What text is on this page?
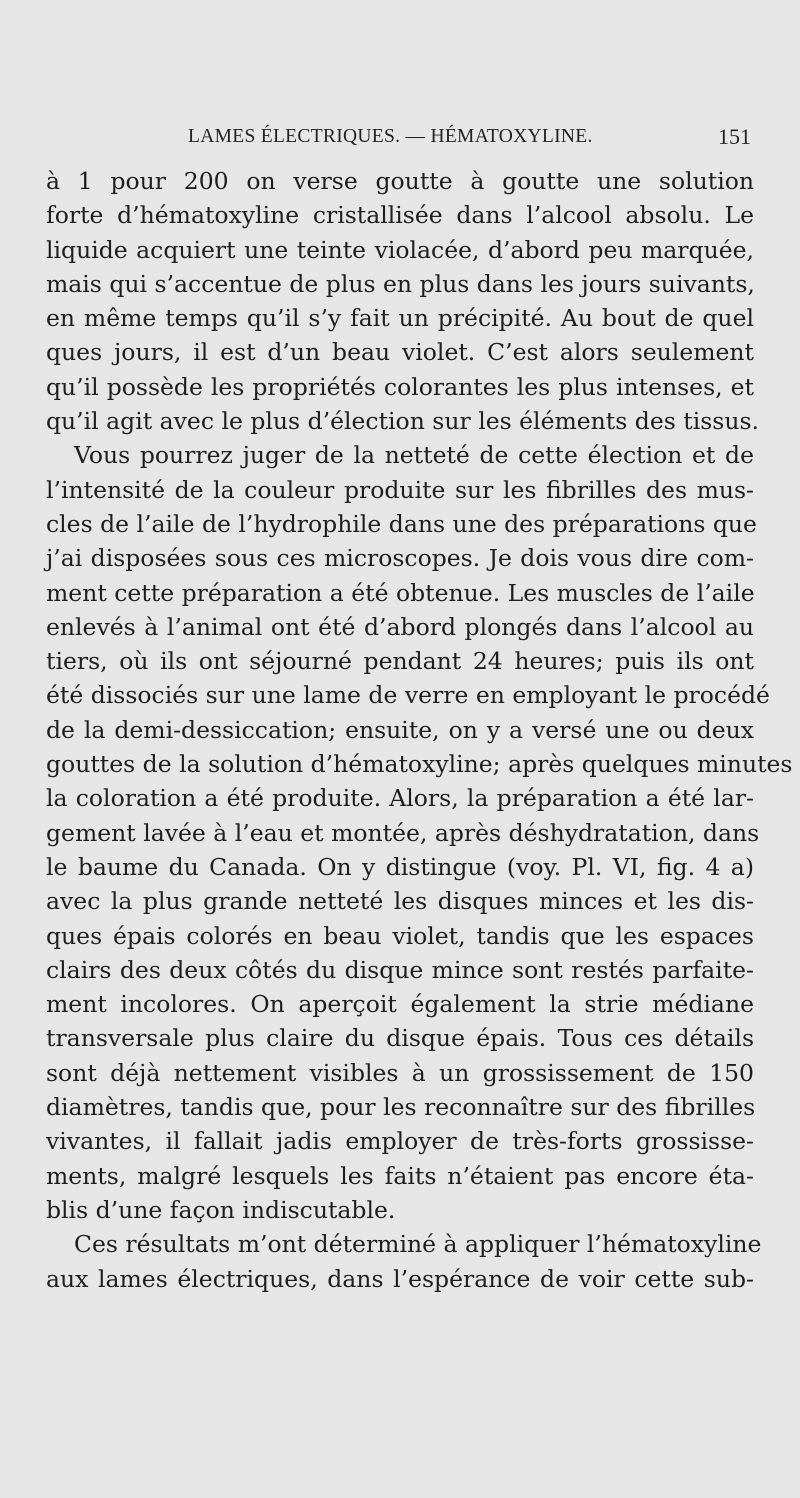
LAMES ÉLECTRIQUES. — HÉMATOXYLINE.	151
à 1 pour 200 on verse goutte à goutte une solution
forte d’hématoxyline cristallisée dans l’alcool absolu. Le
liquide acquiert une teinte violacée, d’abord peu marquée,
mais qui s’accentue de plus en plus dans les jours suivants,
en même temps qu’il s’y fait un précipité. Au bout de quel
ques jours, il est d’un beau violet. C’est alors seulement
qu’il possède les propriétés colorantes les plus intenses, et
qu’il agit avec le plus d’élection sur les éléments des tissus.
Vous pourrez juger de la netteté de cette élection et de
l’intensité de la couleur produite sur les fibrilles des mus-
cles de l’aile de l’hydrophile dans une des préparations que
j’ai disposées sous ces microscopes. Je dois vous dire com-
ment cette préparation a été obtenue. Les muscles de l’aile
enlevés à l’animal ont été d’abord plongés dans l’alcool au
tiers, où ils ont séjourné pendant 24 heures; puis ils ont
été dissociés sur une lame de verre en employant le procédé
de la demi-dessiccation; ensuite, on y a versé une ou deux
gouttes de la solution d’hématoxyline; après quelques minutes
la coloration a été produite. Alors, la préparation a été lar-
gement lavée à l’eau et montée, après déshydratation, dans
le baume du Canada. On y distingue (voy. Pl. VI, fig. 4 a)
avec la plus grande netteté les disques minces et les dis-
ques épais colorés en beau violet, tandis que les espaces
clairs des deux côtés du disque mince sont restés parfaite-
ment incolores. On aperçoit également la strie médiane
transversale plus claire du disque épais. Tous ces détails
sont déjà nettement visibles à un grossissement de 150
diamètres, tandis que, pour les reconnaître sur des fibrilles
vivantes, il fallait jadis employer de très-forts grossisse-
ments, malgré lesquels les faits n’étaient pas encore éta-
blis d’une façon indiscutable.
Ces résultats m’ont déterminé à appliquer l’hématoxyline
aux lames électriques, dans l’espérance de voir cette sub-
